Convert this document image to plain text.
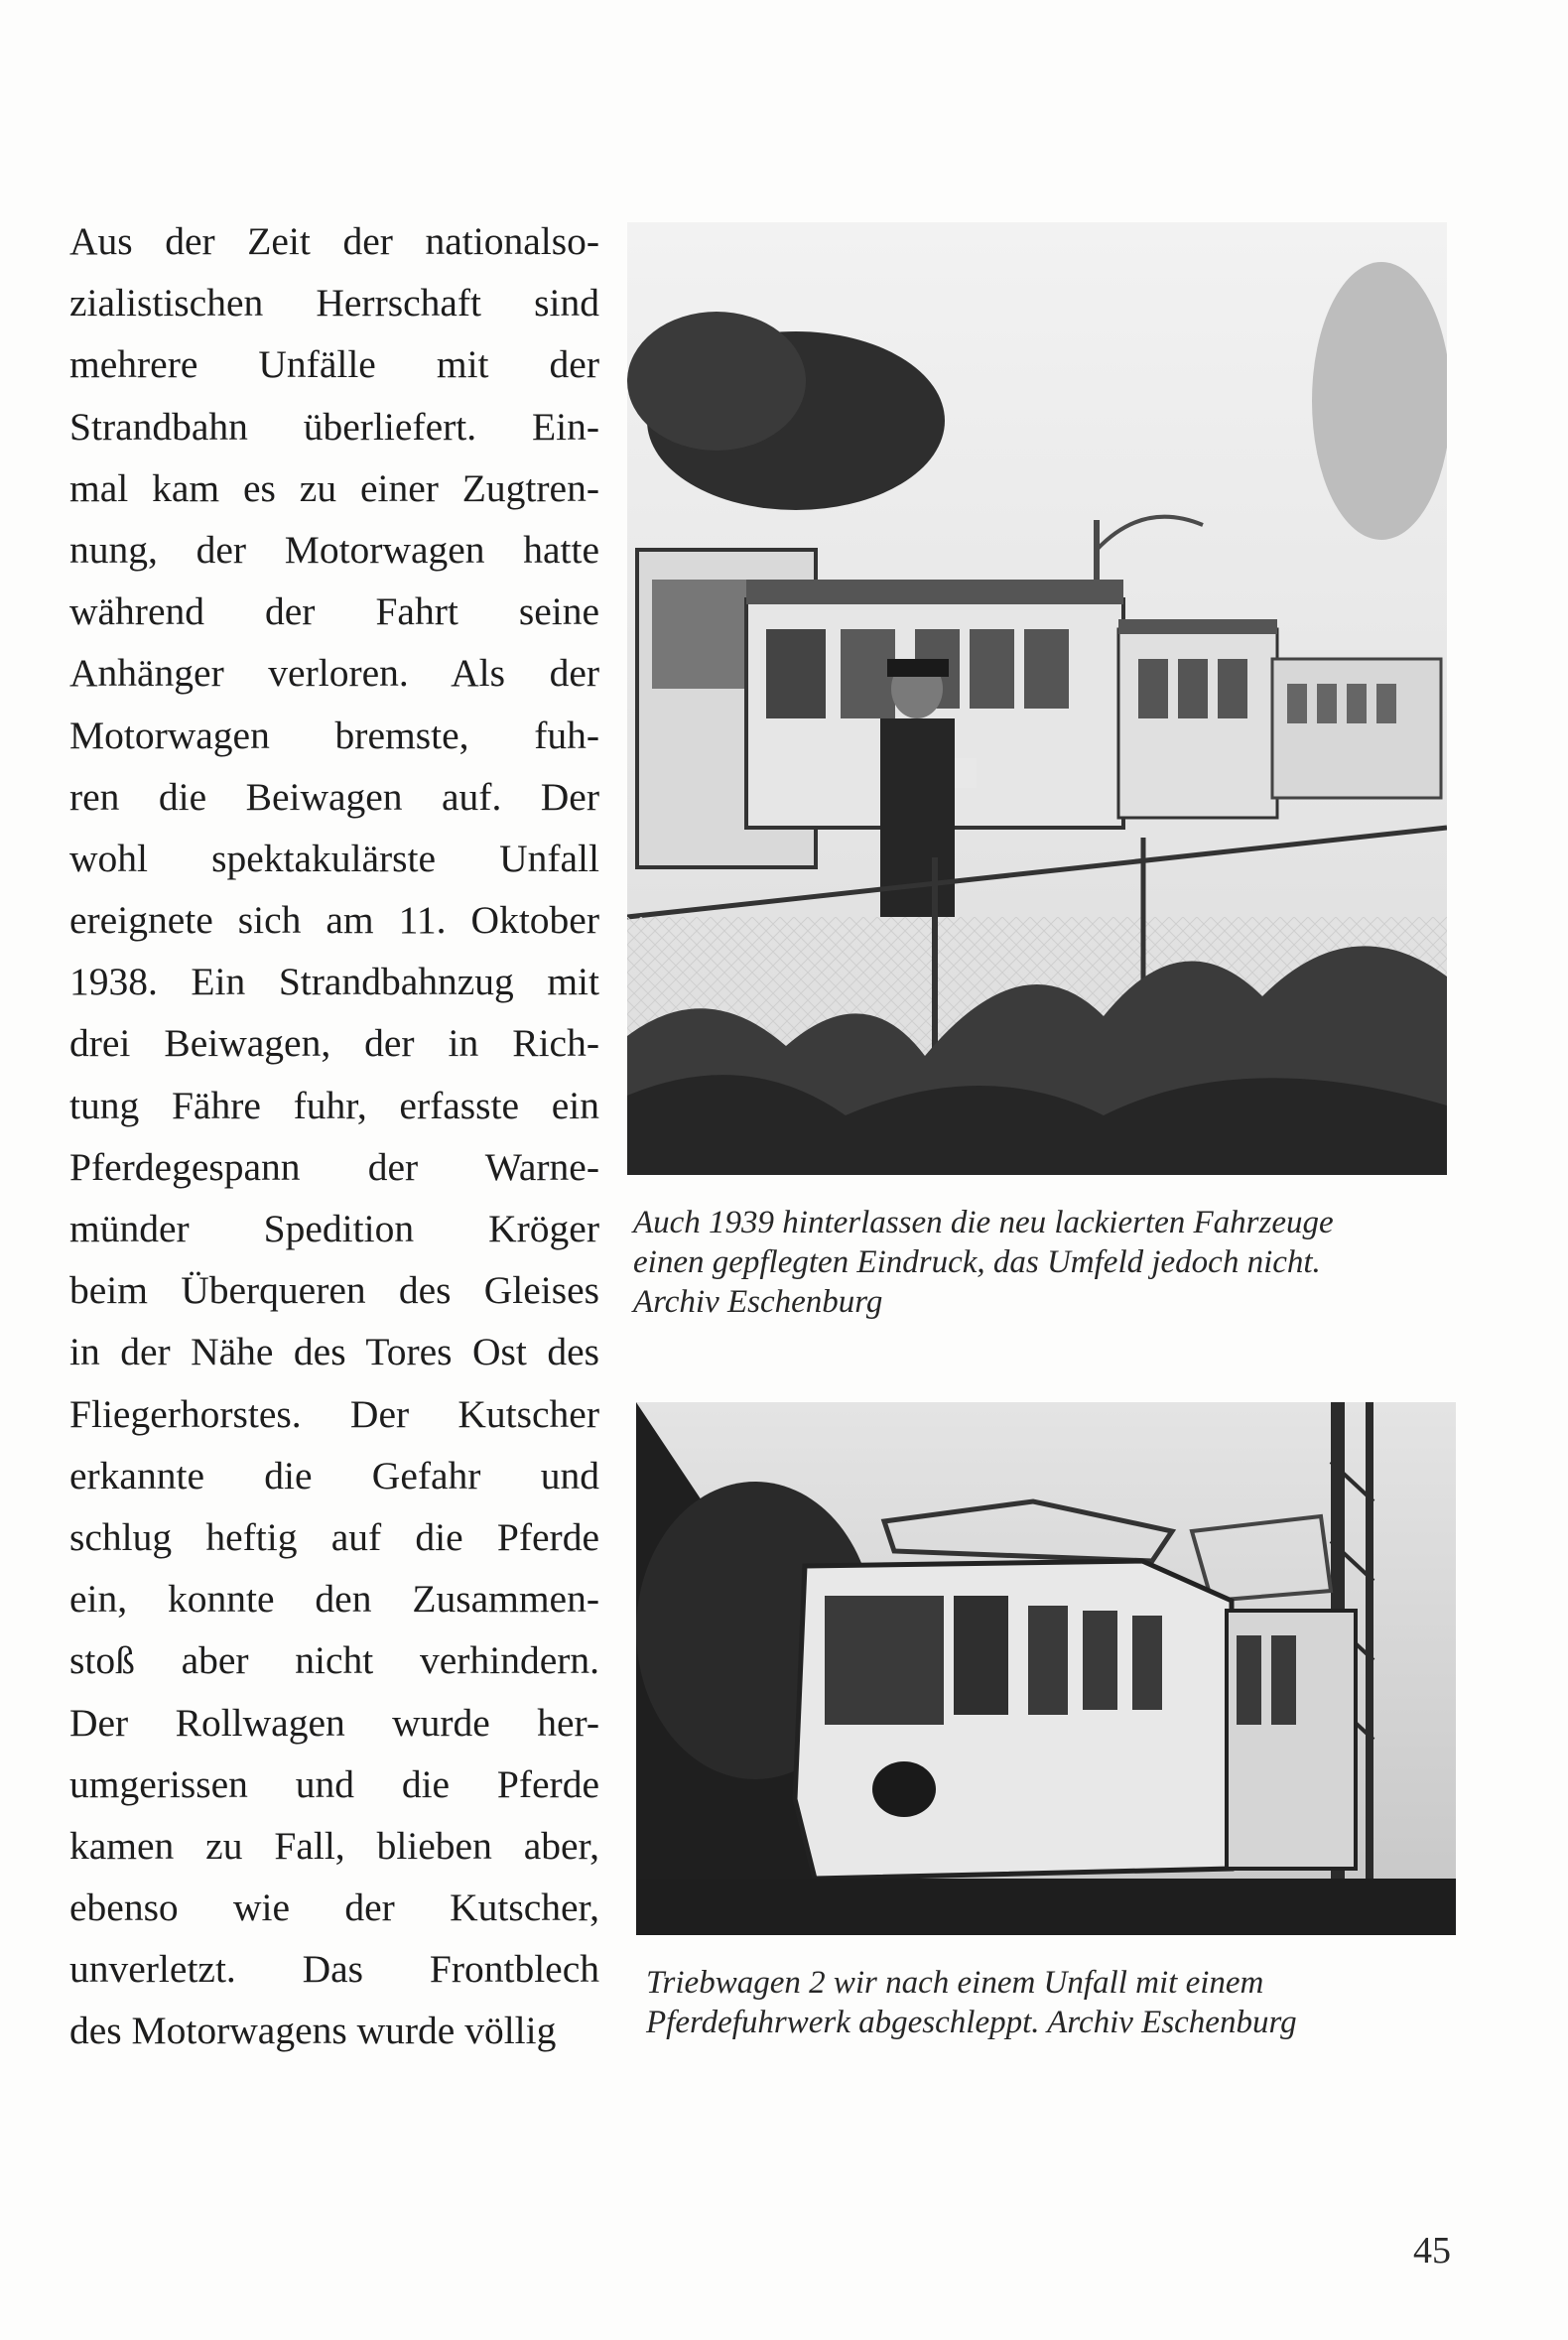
Aus der Zeit der nationalso-
zialistischen Herrschaft sind
mehrere Unfälle mit der
Strandbahn überliefert. Ein-
mal kam es zu einer Zugtren-
nung, der Motorwagen hatte
während der Fahrt seine
Anhänger verloren. Als der
Motorwagen bremste, fuh-
ren die Beiwagen auf. Der
wohl spektakulärste Unfall
ereignete sich am 11. Oktober
1938. Ein Strandbahnzug mit
drei Beiwagen, der in Rich-
tung Fähre fuhr, erfasste ein
Pferdegespann der Warne-
münder Spedition Kröger
beim Überqueren des Gleises
in der Nähe des Tores Ost des
Fliegerhorstes. Der Kutscher
erkannte die Gefahr und
schlug heftig auf die Pferde
ein, konnte den Zusammen-
stoß aber nicht verhindern.
Der Rollwagen wurde her-
umgerissen und die Pferde
kamen zu Fall, blieben aber,
ebenso wie der Kutscher,
unverletzt. Das Frontblech
des Motorwagens wurde völlig
Auch 1939 hinterlassen die neu lackierten Fahrzeuge
einen gepflegten Eindruck, das Umfeld jedoch nicht.
Archiv Eschenburg
Triebwagen 2 wir nach einem Unfall mit einem
Pferdefuhrwerk abgeschleppt. Archiv Eschenburg
45
